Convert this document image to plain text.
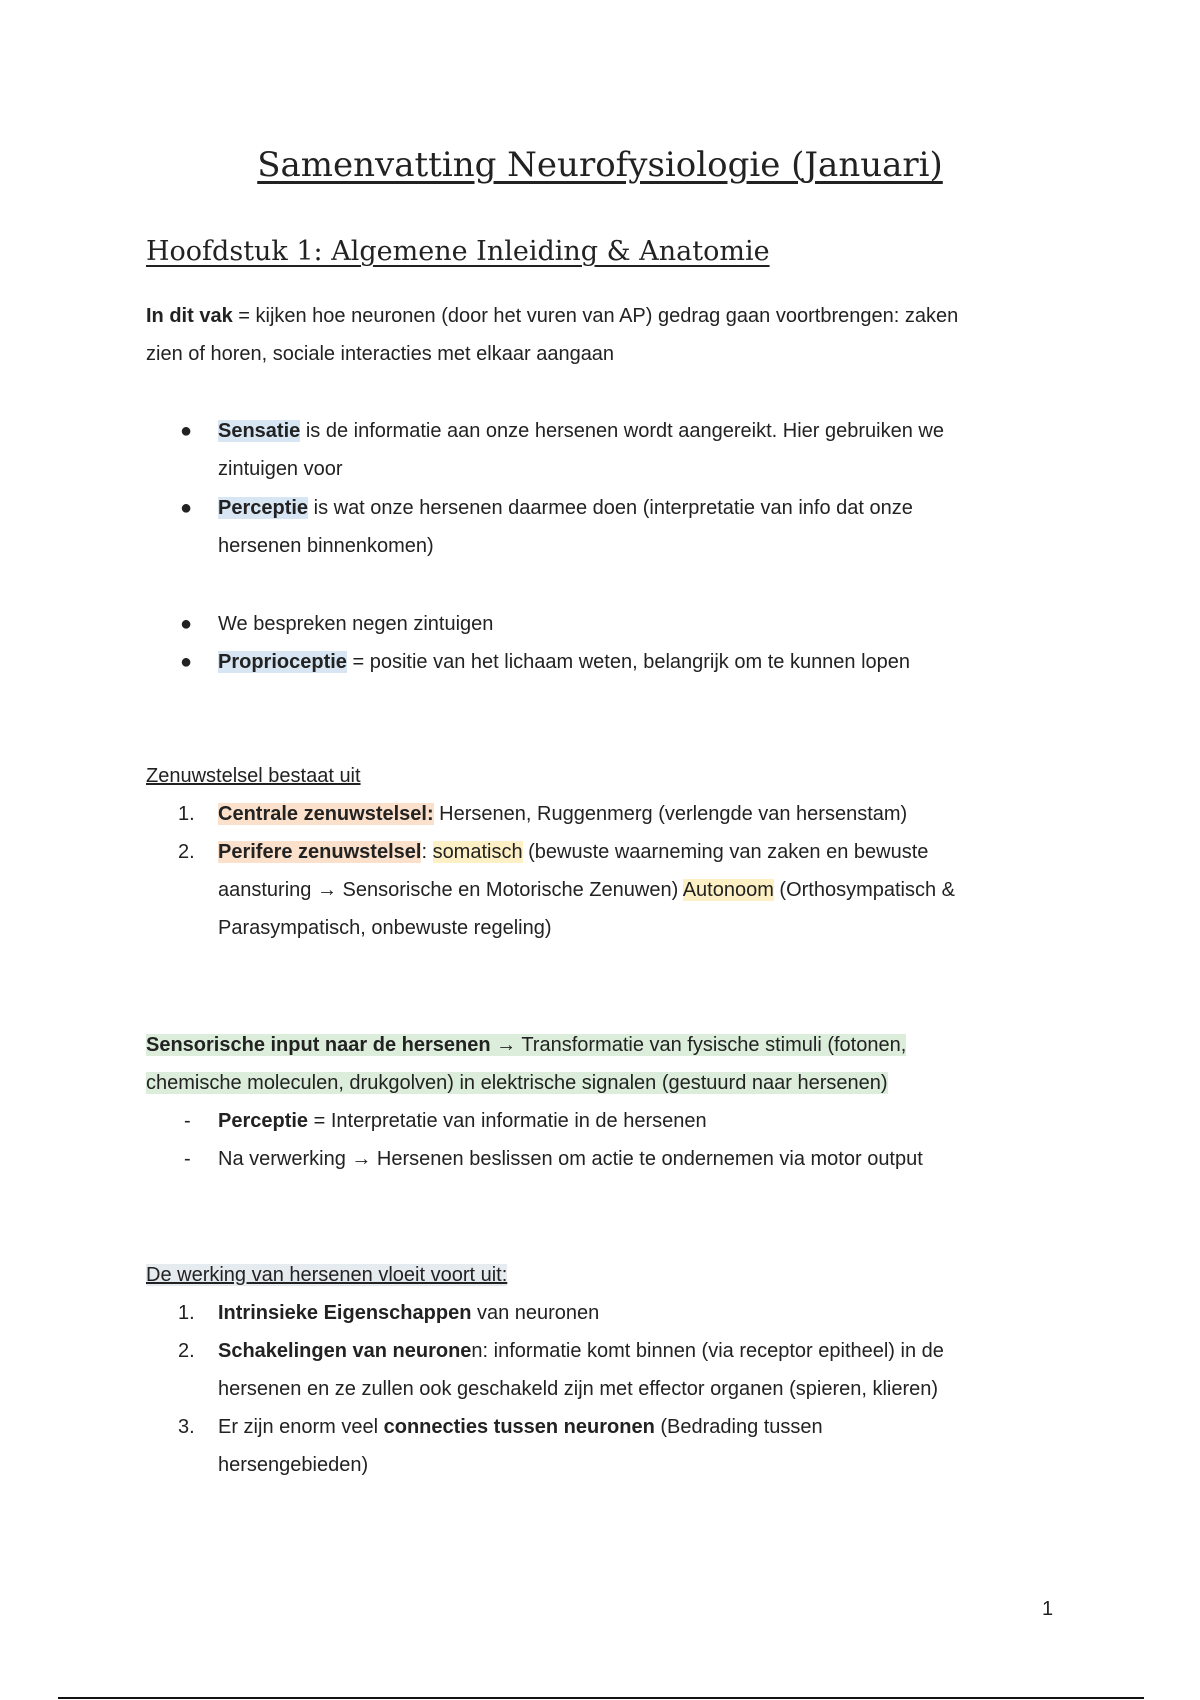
Samenvatting Neurofysiologie (Januari)
Hoofdstuk 1: Algemene Inleiding & Anatomie

In dit vak = kijken hoe neuronen (door het vuren van AP) gedrag gaan voortbrengen: zaken

zien of horen, sociale interacties met elkaar aangaan

●	Sensatie is de informatie aan onze hersenen wordt aangereikt. Hier gebruiken we
zintuigen voor
●	Perceptie is wat onze hersenen daarmee doen (interpretatie van info dat onze
hersenen binnenkomen)
●	We bespreken negen zintuigen
●	Proprioceptie = positie van het lichaam weten, belangrijk om te kunnen lopen

Zenuwstelsel bestaat uit

1.	Centrale zenuwstelsel: Hersenen, Ruggenmerg (verlengde van hersenstam)
2.	Perifere zenuwstelsel: somatisch (bewuste waarneming van zaken en bewuste
aansturing → Sensorische en Motorische Zenuwen) Autonoom (Orthosympatisch &
Parasympatisch, onbewuste regeling)

Sensorische input naar de hersenen → Transformatie van fysische stimuli (fotonen,

chemische moleculen, drukgolven) in elektrische signalen (gestuurd naar hersenen)

-	Perceptie = Interpretatie van informatie in de hersenen
-	Na verwerking → Hersenen beslissen om actie te ondernemen via motor output

De werking van hersenen vloeit voort uit:

1.	Intrinsieke Eigenschappen van neuronen
2.	Schakelingen van neuronen: informatie komt binnen (via receptor epitheel) in de
hersenen en ze zullen ook geschakeld zijn met effector organen (spieren, klieren)
3.	Er zijn enorm veel connecties tussen neuronen (Bedrading tussen
hersengebieden)
1
